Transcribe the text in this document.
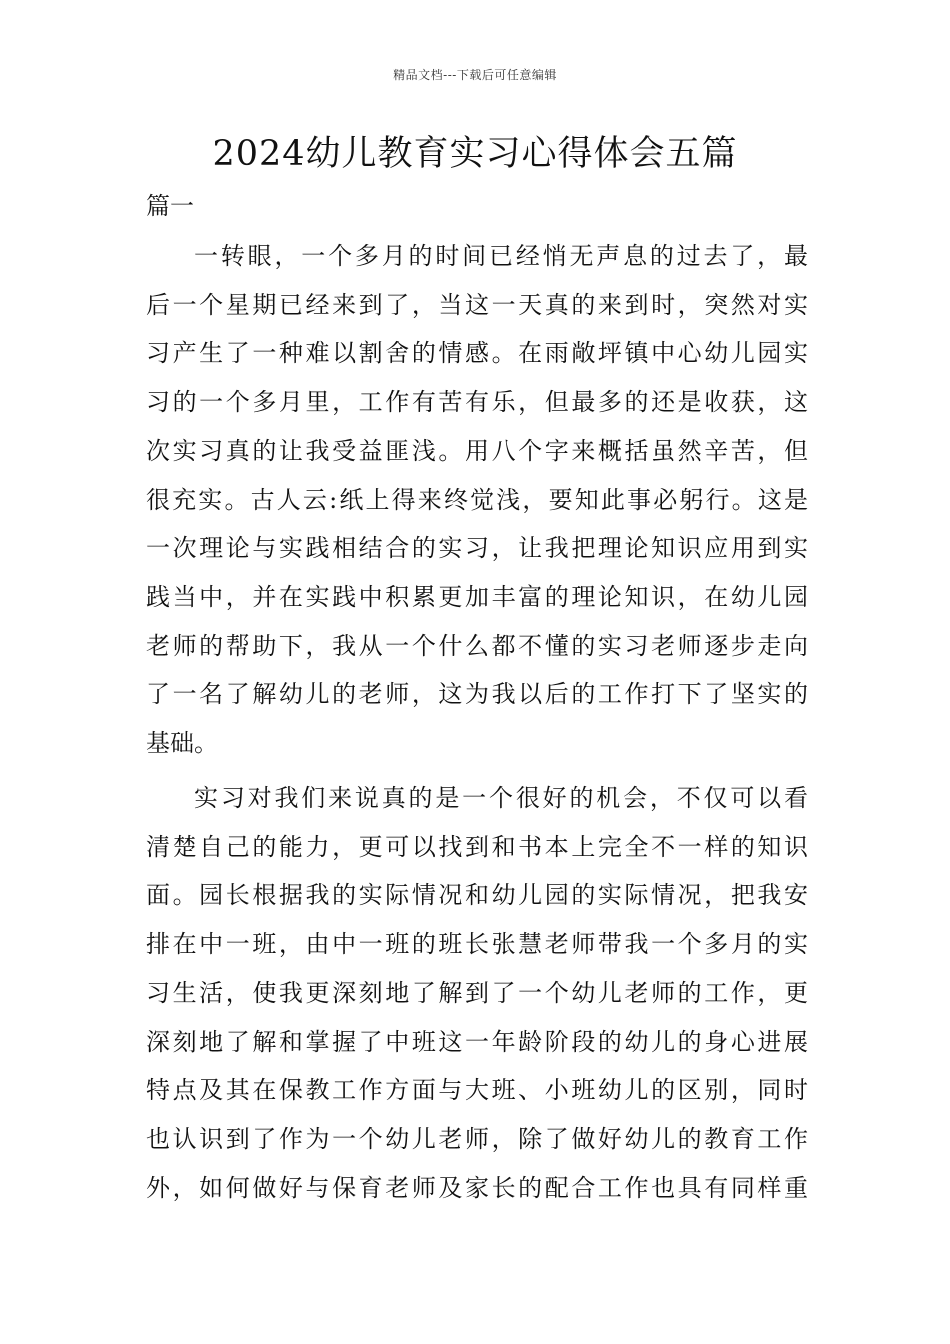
精品文档---下载后可任意编辑
2024幼儿教育实习心得体会五篇
篇一
一转眼，一个多月的时间已经悄无声息的过去了，最
后一个星期已经来到了，当这一天真的来到时，突然对实
习产生了一种难以割舍的情感。在雨敞坪镇中心幼儿园实
习的一个多月里，工作有苦有乐，但最多的还是收获，这
次实习真的让我受益匪浅。用八个字来概括虽然辛苦，但
很充实。古人云:纸上得来终觉浅，要知此事必躬行。这是
一次理论与实践相结合的实习，让我把理论知识应用到实
践当中，并在实践中积累更加丰富的理论知识，在幼儿园
老师的帮助下，我从一个什么都不懂的实习老师逐步走向
了一名了解幼儿的老师，这为我以后的工作打下了坚实的
基础。
实习对我们来说真的是一个很好的机会，不仅可以看
清楚自己的能力，更可以找到和书本上完全不一样的知识
面。园长根据我的实际情况和幼儿园的实际情况，把我安
排在中一班，由中一班的班长张慧老师带我一个多月的实
习生活，使我更深刻地了解到了一个幼儿老师的工作，更
深刻地了解和掌握了中班这一年龄阶段的幼儿的身心进展
特点及其在保教工作方面与大班、小班幼儿的区别，同时
也认识到了作为一个幼儿老师，除了做好幼儿的教育工作
外，如何做好与保育老师及家长的配合工作也具有同样重
